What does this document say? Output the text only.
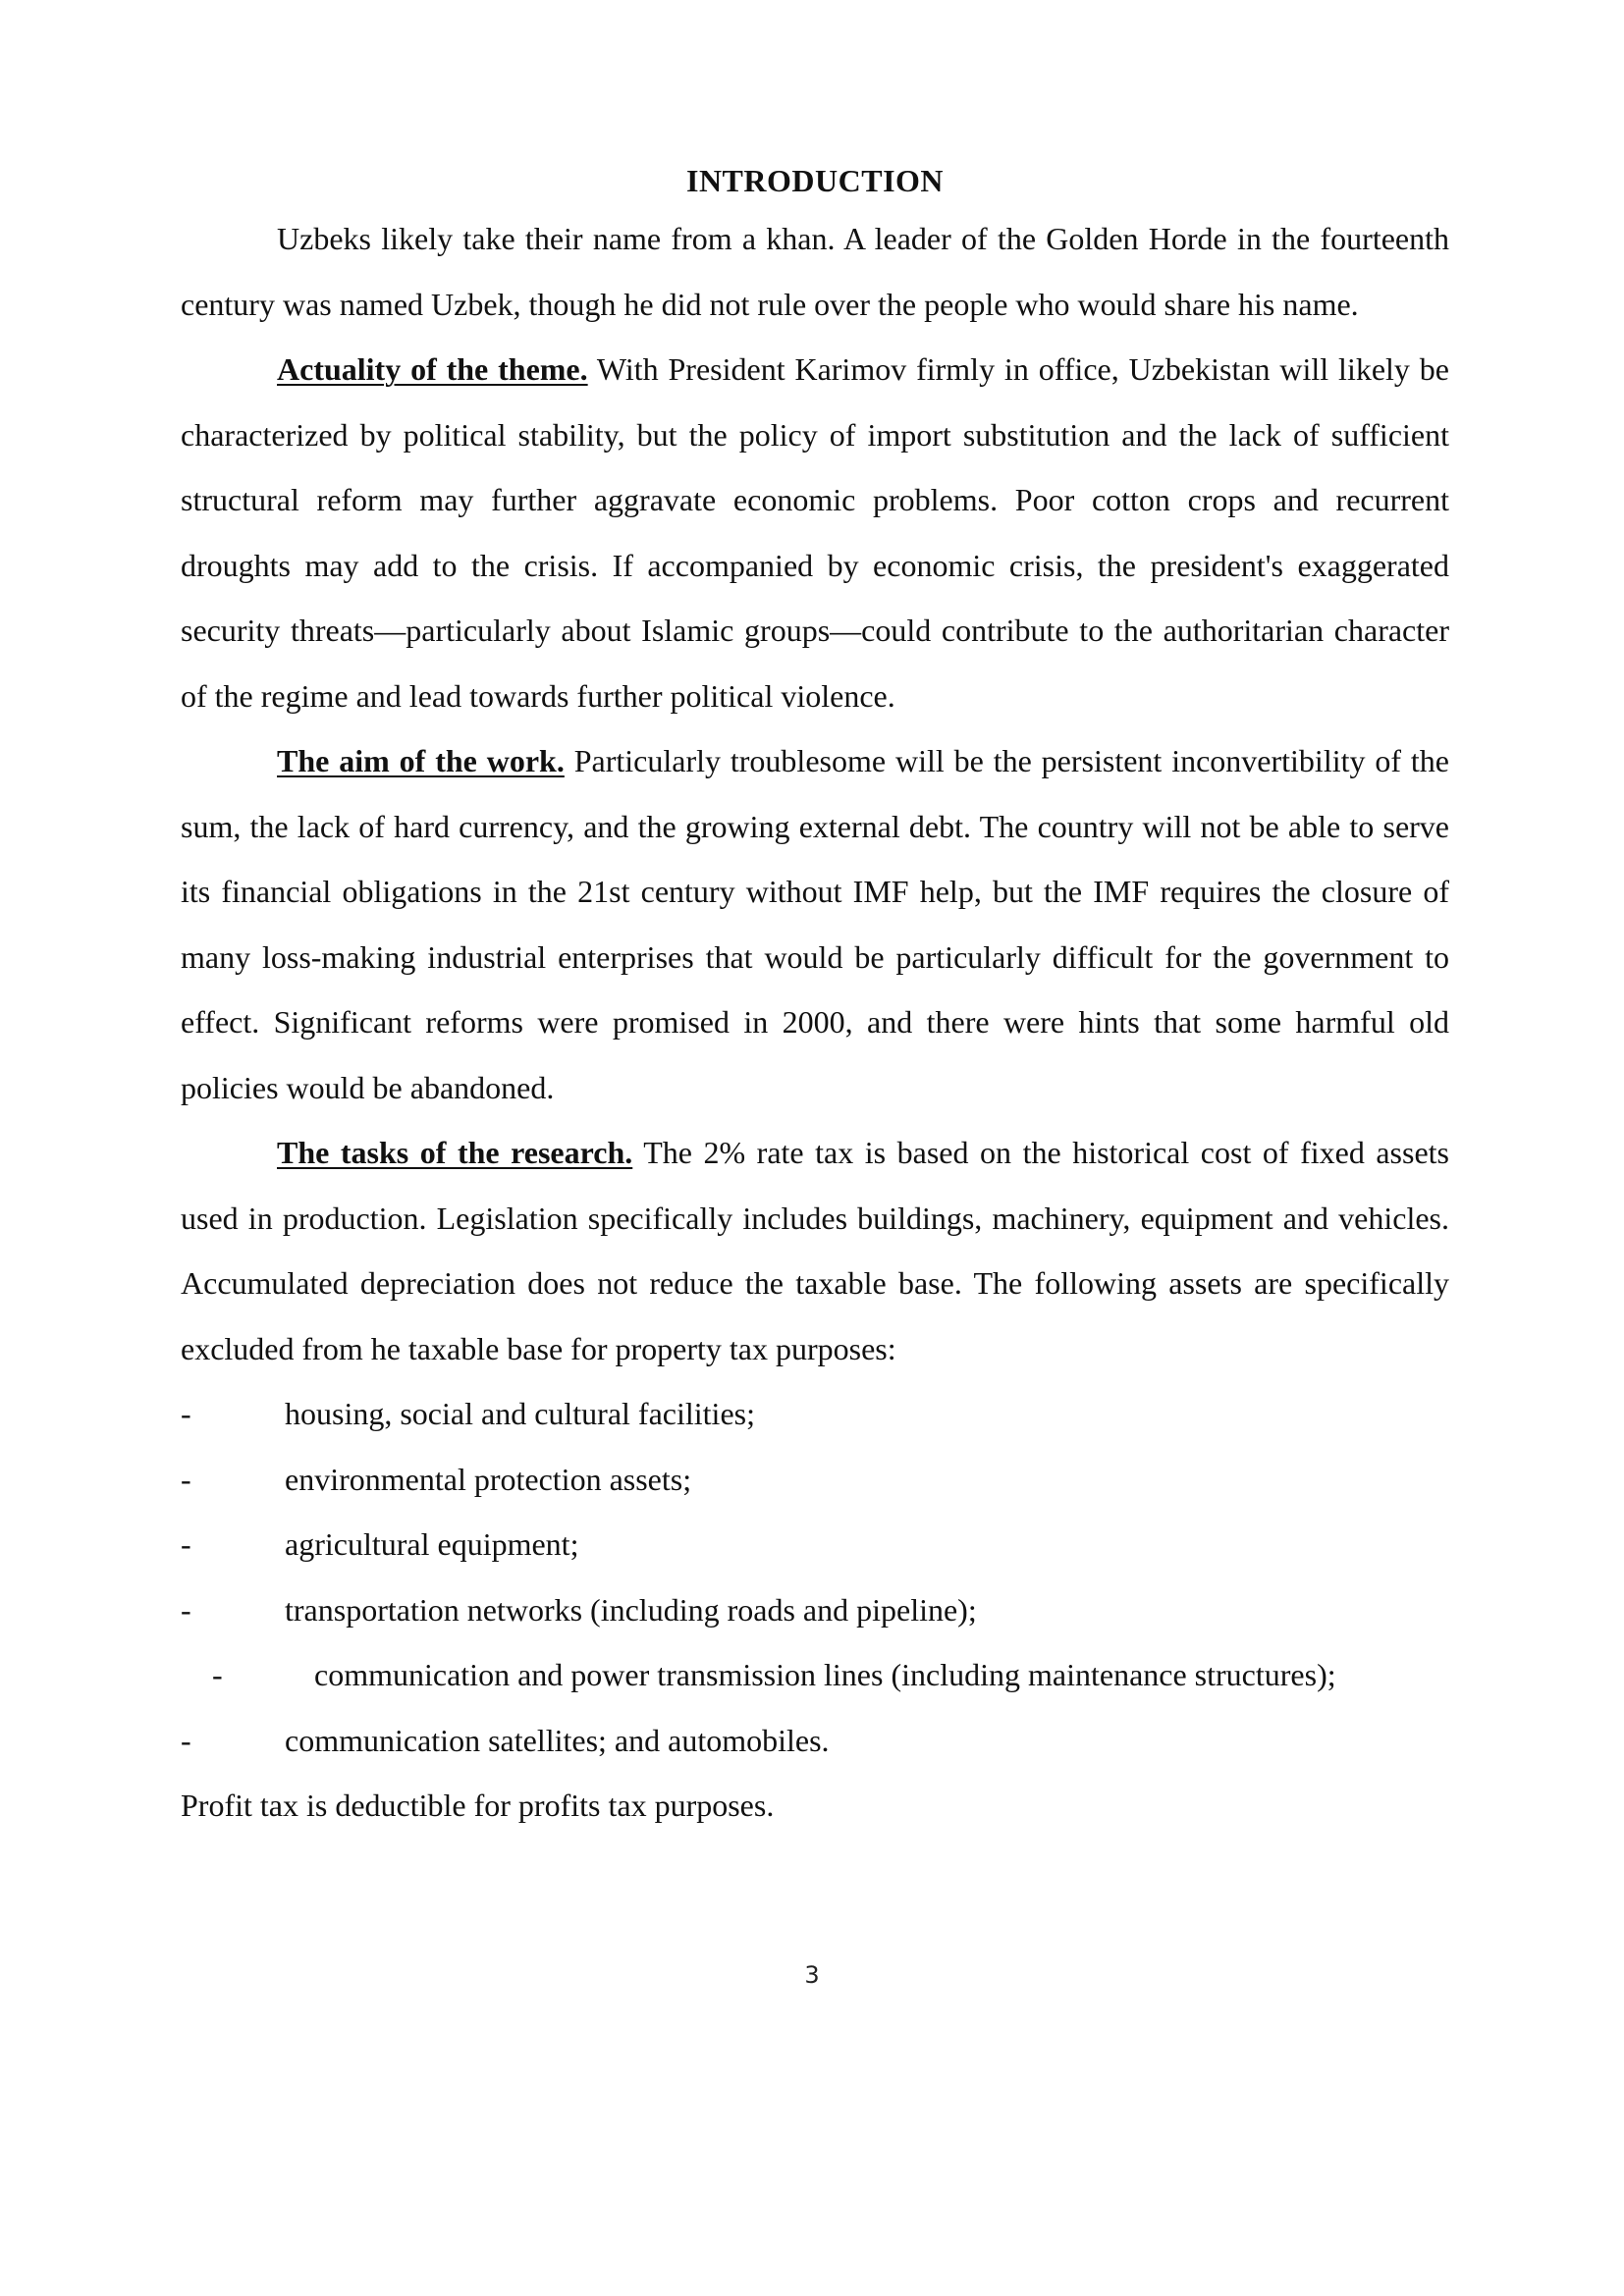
INTRODUCTION

Uzbeks likely take their name from a khan. A leader of the Golden Horde in the fourteenth century was named Uzbek, though he did not rule over the people who would share his name.

Actuality of the theme. With President Karimov firmly in office, Uzbekistan will likely be characterized by political stability, but the policy of import substitution and the lack of sufficient structural reform may further aggravate economic problems. Poor cotton crops and recurrent droughts may add to the crisis. If accompanied by economic crisis, the president's exaggerated security threats—particularly about Islamic groups—could contribute to the authoritarian character of the regime and lead towards further political violence.

The aim of the work. Particularly troublesome will be the persistent inconvertibility of the sum, the lack of hard currency, and the growing external debt. The country will not be able to serve its financial obligations in the 21st century without IMF help, but the IMF requires the closure of many loss-making industrial enterprises that would be particularly difficult for the government to effect. Significant reforms were promised in 2000, and there were hints that some harmful old policies would be abandoned.

The tasks of the research. The 2% rate tax is based on the historical cost of fixed assets used in production. Legislation specifically includes buildings, machinery, equipment and vehicles. Accumulated depreciation does not reduce the taxable base. The following assets are specifically excluded from he taxable base for property tax purposes:

-	housing, social and cultural facilities;
-	environmental protection assets;
-	agricultural equipment;
-	transportation networks (including roads and pipeline);
-	communication and power transmission lines (including maintenance structures);
-	communication satellites; and automobiles.

Profit tax is deductible for profits tax purposes.

3
